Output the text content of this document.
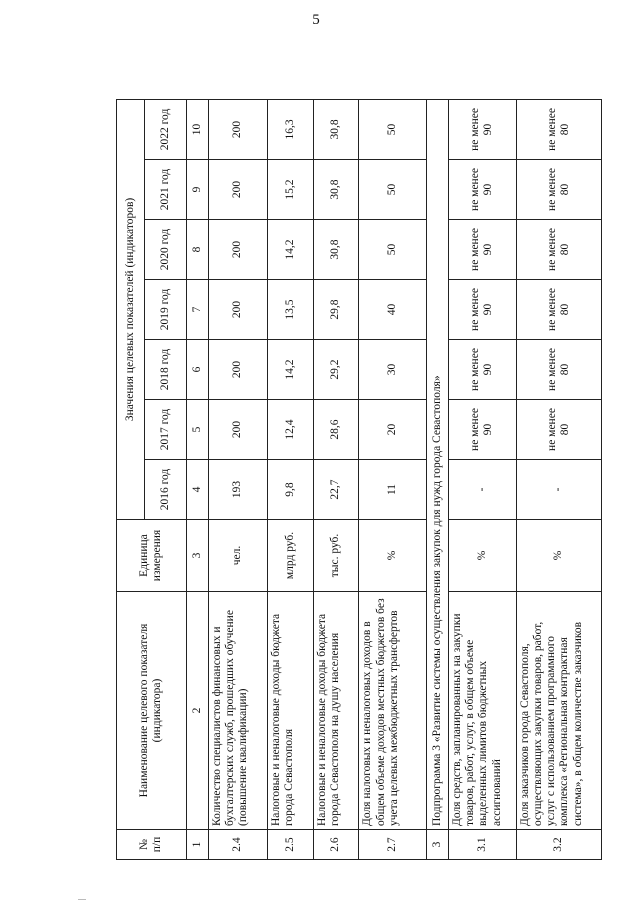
5
№ п/п	Наименование целевого показателя (индикатора)	Единица измерения	Значения целевых показателей (индикаторов)						
			2016 год	2017 год	2018 год	2019 год	2020 год	2021 год	2022 год
1	2	3	4	5	6	7	8	9	10
2.4	Количество специалистов финансовых и бухгалтерских служб, прошедших обучение (повышение квалификации)	чел.	193	200	200	200	200	200	200
2.5	Налоговые и неналоговые доходы бюджета города Севастополя	млрд руб.	9,8	12,4	14,2	13,5	14,2	15,2	16,3
2.6	Налоговые и неналоговые доходы бюджета города Севастополя на душу населения	тыс. руб.	22,7	28,6	29,2	29,8	30,8	30,8	30,8
2.7	Доля налоговых и неналоговых доходов в общем объеме доходов местных бюджетов без учета целевых межбюджетных трансфертов	%	11	20	30	40	50	50	50
3	Подпрограмма 3 «Развитие системы осуществления закупок для нужд города Севастополя»								
3.1	Доля средств, запланированных на закупки товаров, работ, услуг, в общем объеме выделенных лимитов бюджетных ассигнований	%	-	не менее 90	не менее 90	не менее 90	не менее 90	не менее 90	не менее 90
3.2	Доля заказчиков города Севастополя, осуществляющих закупки товаров, работ, услуг с использованием программного комплекса «Региональная контрактная система», в общем количестве заказчиков	%	-	не менее 80	не менее 80	не менее 80	не менее 80	не менее 80	не менее 80
